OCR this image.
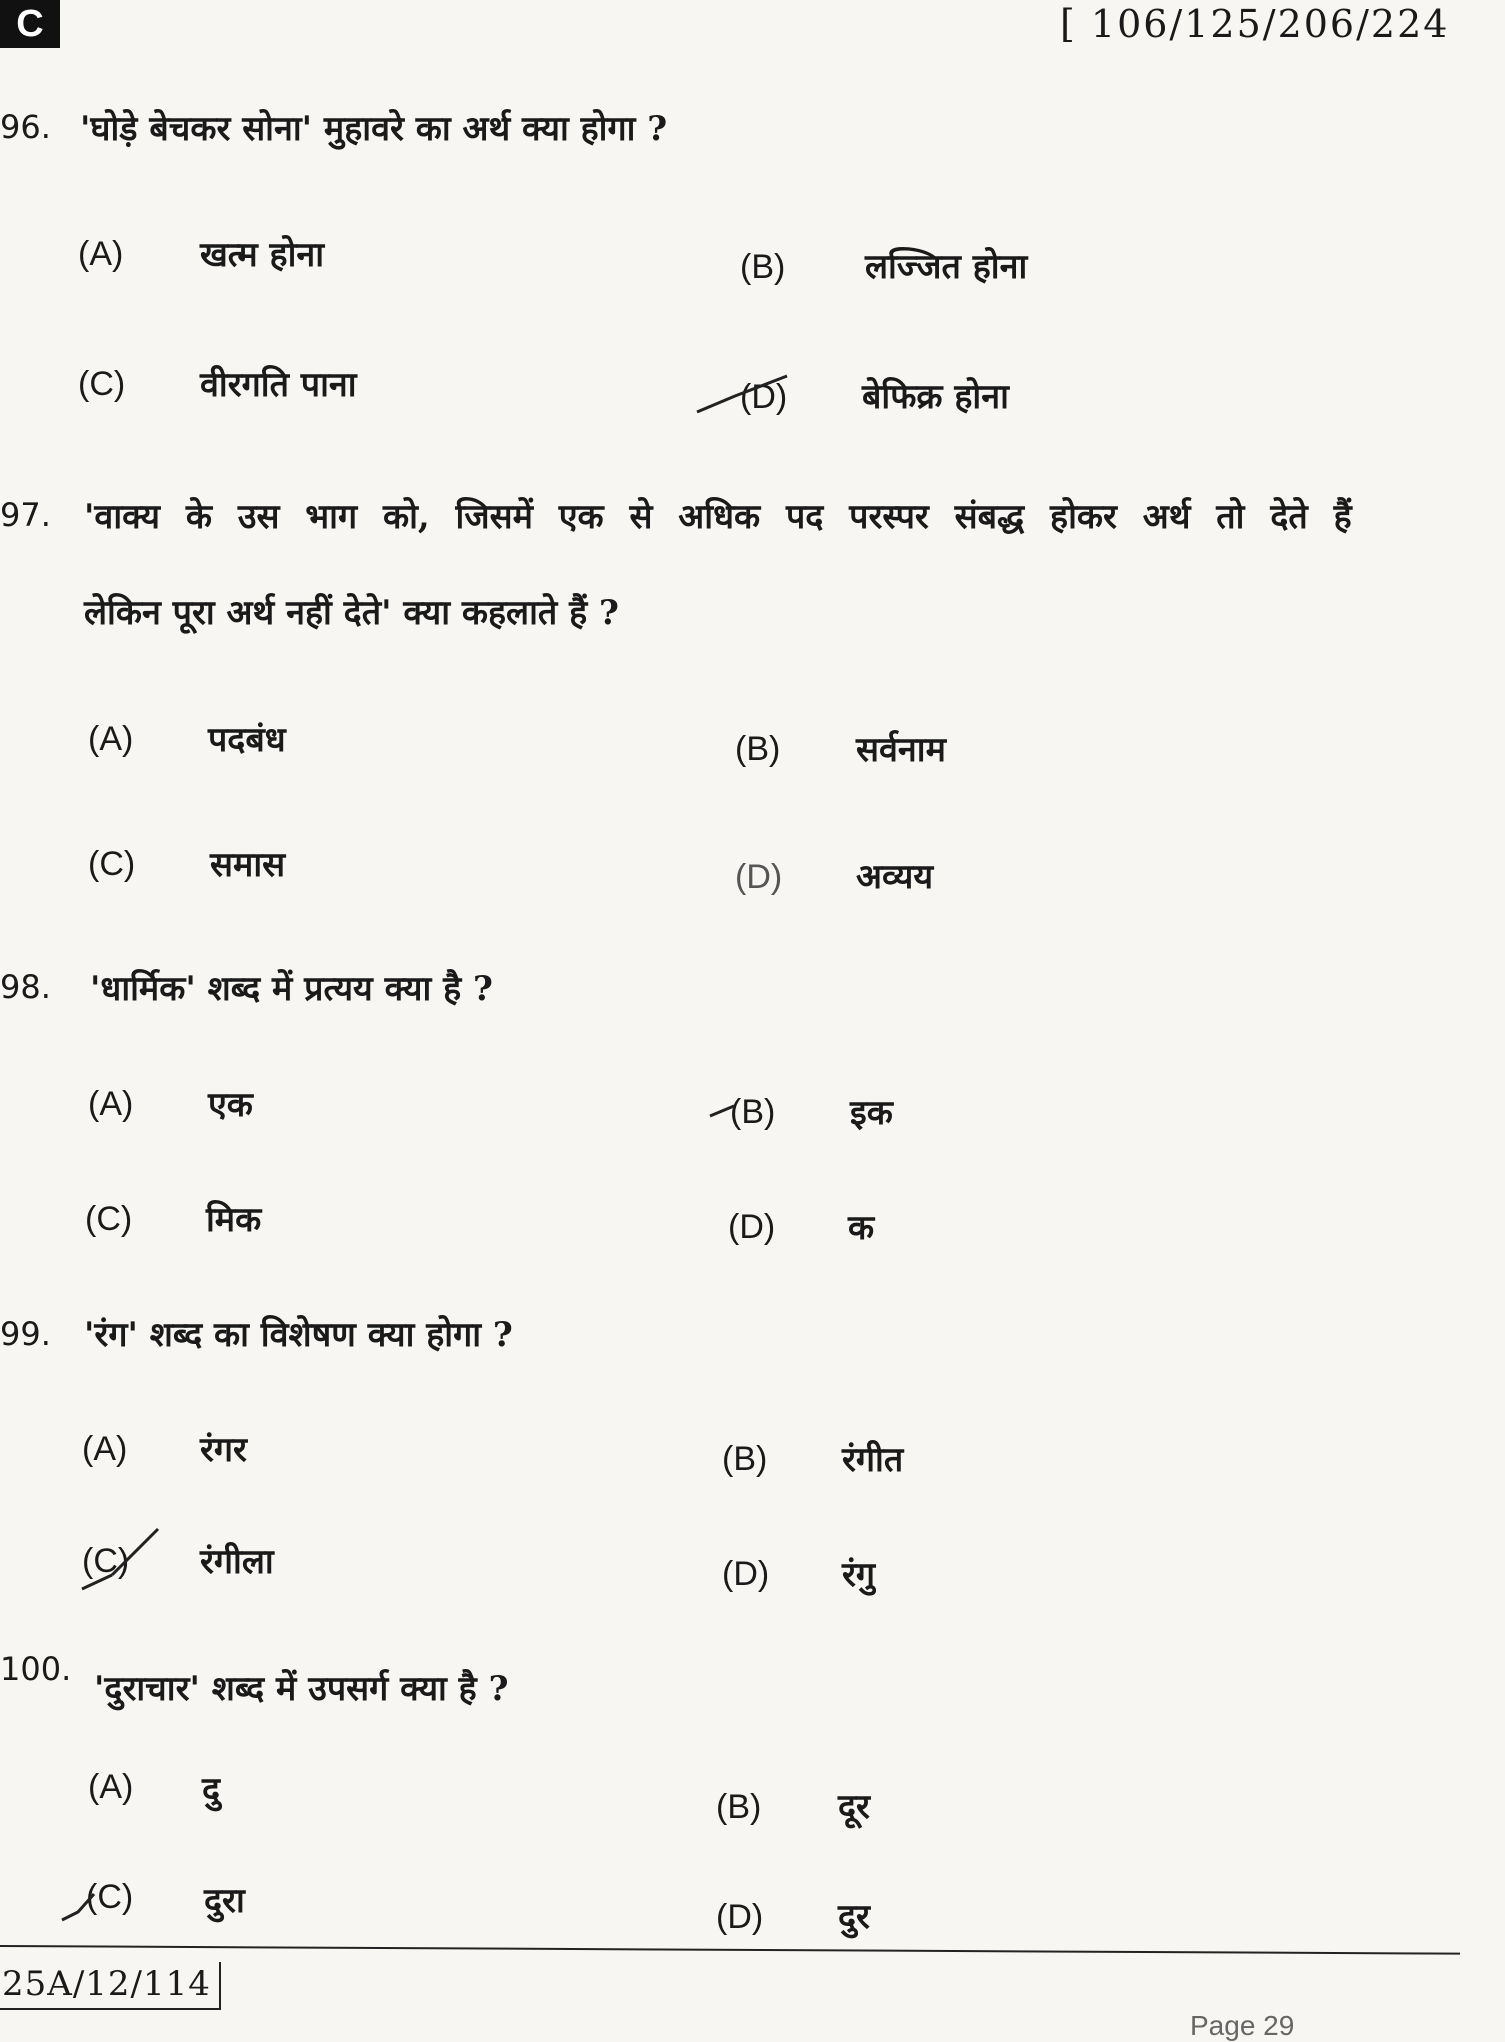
C	[ 106/125/206/224
96. 'घोड़े बेचकर सोना' मुहावरे का अर्थ क्या होगा ?
(A) खत्म होना	(B) लज्जित होना
(C) वीरगति पाना	(D) बेफिक्र होना
97. 'वाक्य के उस भाग को, जिसमें एक से अधिक पद परस्पर संबद्ध होकर अर्थ तो देते हैं
लेकिन पूरा अर्थ नहीं देते' क्या कहलाते हैं ?
(A) पदबंध	(B) सर्वनाम
(C) समास	(D) अव्यय
98. 'धार्मिक' शब्द में प्रत्यय क्या है ?
(A) एक	(B) इक
(C) मिक	(D) क
99. 'रंग' शब्द का विशेषण क्या होगा ?
(A) रंगर	(B) रंगीत
(C) रंगीला	(D) रंगु
100. 'दुराचार' शब्द में उपसर्ग क्या है ?
(A) दु	(B) दूर
(C) दुरा	(D) दुर
25A/12/114
Page 29
